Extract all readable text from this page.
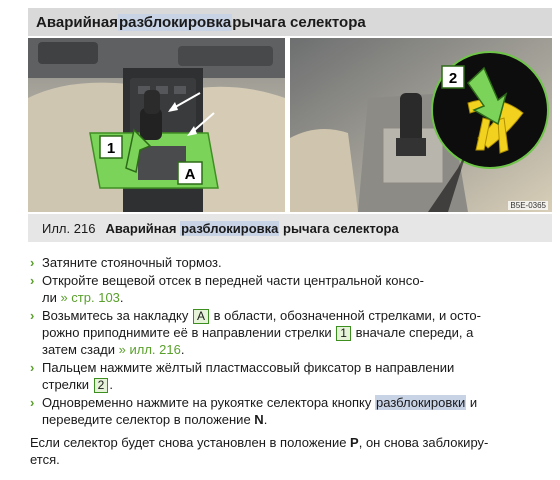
Аварийная разблокировка рычага селектора
1
A
2
B5E-0365
Илл. 216 Аварийная разблокировка рычага селектора
› Затяните стояночный тормоз.
› Откройте вещевой отсек в передней части центральной консо-
ли » стр. 103.
› Возьмитесь за накладку A в области, обозначенной стрелками, и осто-
рожно приподнимите её в направлении стрелки 1 вначале спереди, а
затем сзади » илл. 216.
› Пальцем нажмите жёлтый пластмассовый фиксатор в направлении
стрелки 2 .
› Одновременно нажмите на рукоятке селектора кнопку разблокировки и
переведите селектор в положение N.
Если селектор будет снова установлен в положение P, он снова заблокиру-
ется.
